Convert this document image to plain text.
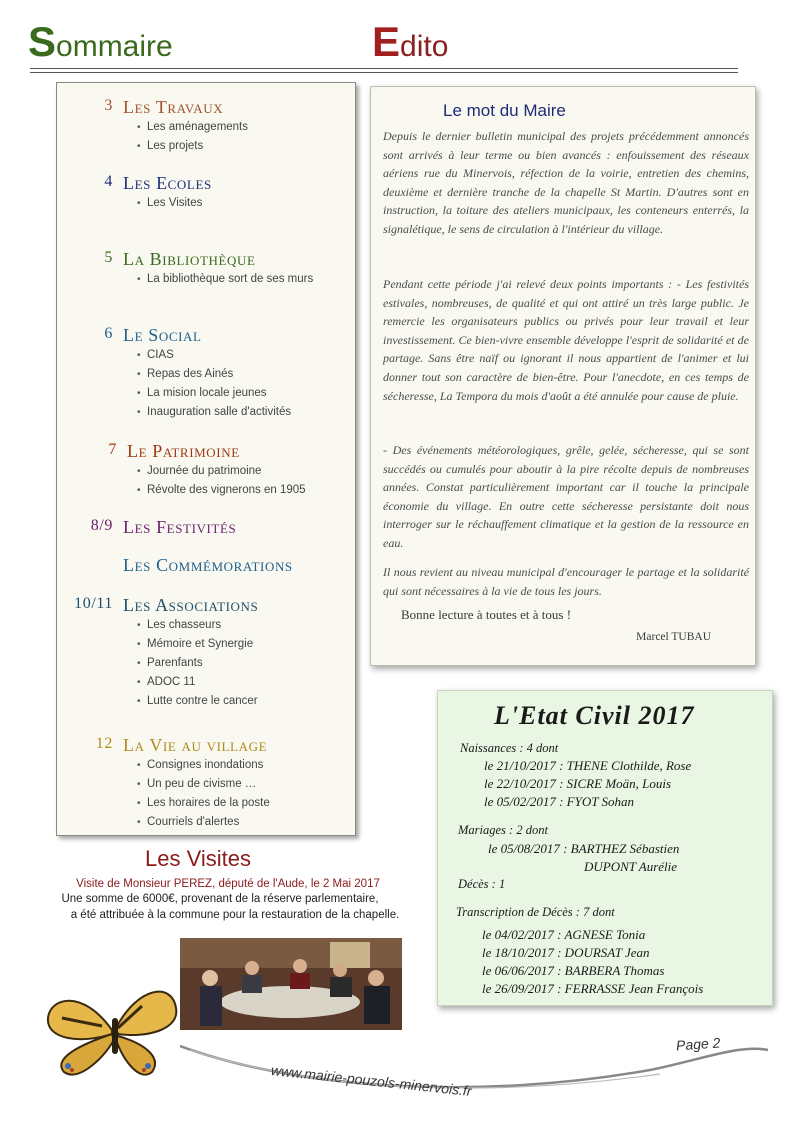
Sommaire	Edito
3 Les Travaux
• Les aménagements
• Les projets
4 Les Ecoles
• Les Visites
5 La Bibliothèque
• La bibliothèque sort de ses murs
6 Le Social
• CIAS
• Repas des Ainés
• La mision locale jeunes
• Inauguration salle d'activités
7 Le Patrimoine
• Journée du patrimoine
• Révolte des vignerons en 1905
8/9 Les Festivités
Les Commémorations
10/11 Les Associations
• Les chasseurs
• Mémoire et Synergie
• Parenfants
• ADOC 11
• Lutte contre le cancer
12 La Vie au village
• Consignes inondations
• Un peu de civisme …
• Les horaires de la poste
• Courriels d'alertes
Le mot du Maire

Depuis le dernier bulletin municipal des projets précédemment annoncés sont arrivés à leur terme ou bien avancés : enfouissement des réseaux aériens rue du Minervois, réfection de la voirie, entretien des chemins, deuxième et dernière tranche de la chapelle St Martin. D'autres sont en instruction, la toiture des ateliers municipaux, les conteneurs enterrés, la signalétique, le sens de circulation à l'intérieur du village.

Pendant cette période j'ai relevé deux points importants : - Les festivités estivales, nombreuses, de qualité et qui ont attiré un très large public. Je remercie les organisateurs publics ou privés pour leur travail et leur investissement. Ce bien-vivre ensemble développe l'esprit de solidarité et de partage. Sans être naïf ou ignorant il nous appartient de l'animer et lui donner tout son caractère de bien-être. Pour l'anecdote, en ces temps de sécheresse, La Tempora du mois d'août a été annulée pour cause de pluie.

- Des événements météorologiques, grêle, gelée, sécheresse, qui se sont succédés ou cumulés pour aboutir à la pire récolte depuis de nombreuses années. Constat particulièrement important car il touche la principale économie du village. En outre cette sécheresse persistante doit nous interroger sur le réchauffement climatique et la gestion de la ressource en eau.

Il nous revient au niveau municipal d'encourager le partage et la solidarité qui sont nécessaires à la vie de tous les jours.

Bonne lecture à toutes et à tous !
Marcel TUBAU
L'Etat Civil 2017
Naissances : 4 dont
le 21/10/2017 : THENE Clothilde, Rose
le 22/10/2017 : SICRE Moän, Louis
le 05/02/2017 : FYOT Sohan
Mariages : 2 dont
le 05/08/2017 : BARTHEZ Sébastien
DUPONT Aurélie
Décès : 1
Transcription de Décès : 7 dont
le 04/02/2017 : AGNESE Tonia
le 18/10/2017 : DOURSAT Jean
le 06/06/2017 : BARBERA Thomas
le 26/09/2017 : FERRASSE Jean François
Les Visites
Visite de Monsieur PEREZ, député de l'Aude, le 2 Mai 2017
Une somme de 6000€, provenant de la réserve parlementaire,
a été attribuée à la commune pour la restauration de la chapelle.
www.mairie-pouzols-minervois.fr
Page 2
